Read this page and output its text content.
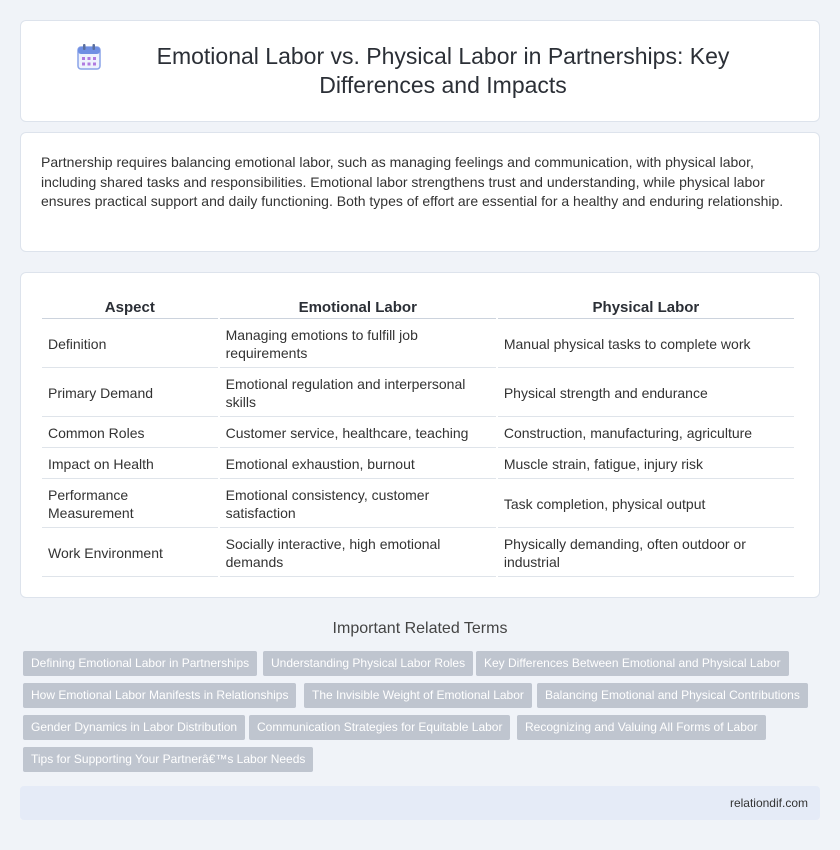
Emotional Labor vs. Physical Labor in Partnerships: Key Differences and Impacts

Partnership requires balancing emotional labor, such as managing feelings and communication, with physical labor, including shared tasks and responsibilities. Emotional labor strengthens trust and understanding, while physical labor ensures practical support and daily functioning. Both types of effort are essential for a healthy and enduring relationship.

Aspect	Emotional Labor	Physical Labor
Definition	Managing emotions to fulfill job requirements	Manual physical tasks to complete work
Primary Demand	Emotional regulation and interpersonal skills	Physical strength and endurance
Common Roles	Customer service, healthcare, teaching	Construction, manufacturing, agriculture
Impact on Health	Emotional exhaustion, burnout	Muscle strain, fatigue, injury risk
Performance Measurement	Emotional consistency, customer satisfaction	Task completion, physical output
Work Environment	Socially interactive, high emotional demands	Physically demanding, often outdoor or industrial
Important Related Terms
Defining Emotional Labor in Partnerships	Understanding Physical Labor Roles	Key Differences Between Emotional and Physical Labor
How Emotional Labor Manifests in Relationships	The Invisible Weight of Emotional Labor	Balancing Emotional and Physical Contributions
Gender Dynamics in Labor Distribution	Communication Strategies for Equitable Labor	Recognizing and Valuing All Forms of Labor
Tips for Supporting Your Partnerâ€™s Labor Needs
relationdif.com
